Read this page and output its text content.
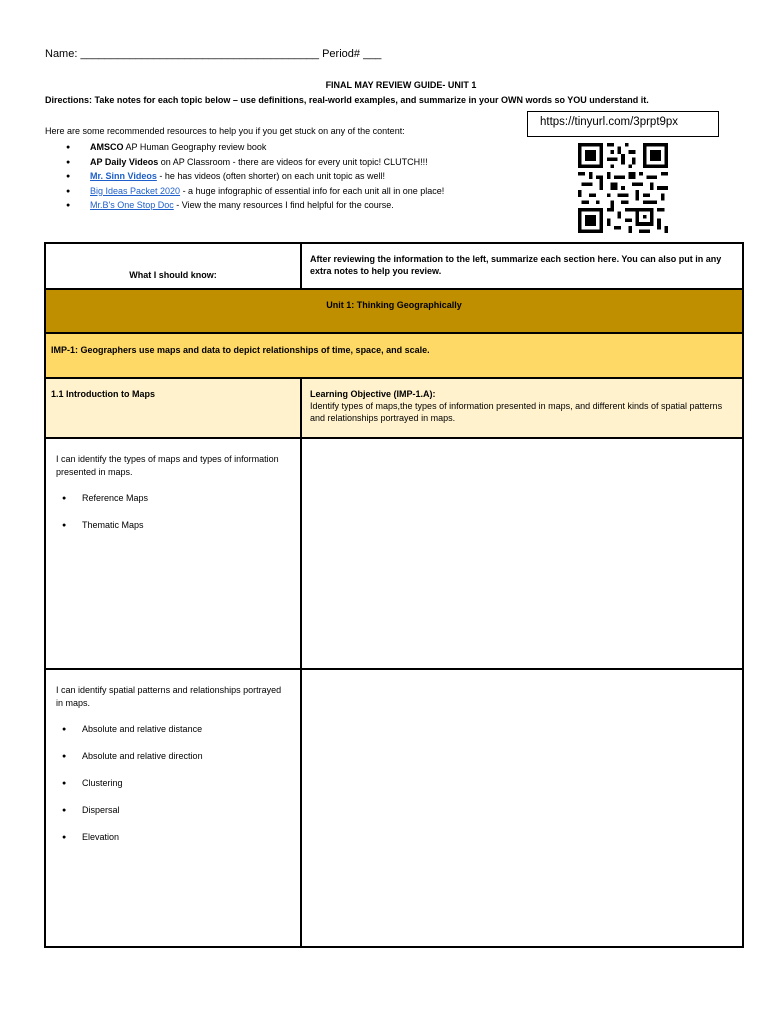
Name: _______________________________________ Period# ___
FINAL MAY REVIEW GUIDE- UNIT 1
Directions: Take notes for each topic below – use definitions, real-world examples, and summarize in your OWN words so YOU understand it.
Here are some recommended resources to help you if you get stuck on any of the content:
https://tinyurl.com/3prpt9px
● AMSCO AP Human Geography review book
● AP Daily Videos on AP Classroom - there are videos for every unit topic! CLUTCH!!!
● Mr. Sinn Videos - he has videos (often shorter) on each unit topic as well!
● Big Ideas Packet 2020 - a huge infographic of essential info for each unit all in one place!
● Mr.B's One Stop Doc - View the many resources I find helpful for the course.
What I should know:
After reviewing the information to the left, summarize each section here. You can also put in any extra notes to help you review.
Unit 1: Thinking Geographically
IMP-1: Geographers use maps and data to depict relationships of time, space, and scale.
1.1 Introduction to Maps	Learning Objective (IMP-1.A):
Identify types of maps,the types of information presented in maps, and different kinds of spatial patterns and relationships portrayed in maps.
I can identify the types of maps and types of information presented in maps.
● Reference Maps
● Thematic Maps
I can identify spatial patterns and relationships portrayed in maps.
● Absolute and relative distance
● Absolute and relative direction
● Clustering
● Dispersal
● Elevation
